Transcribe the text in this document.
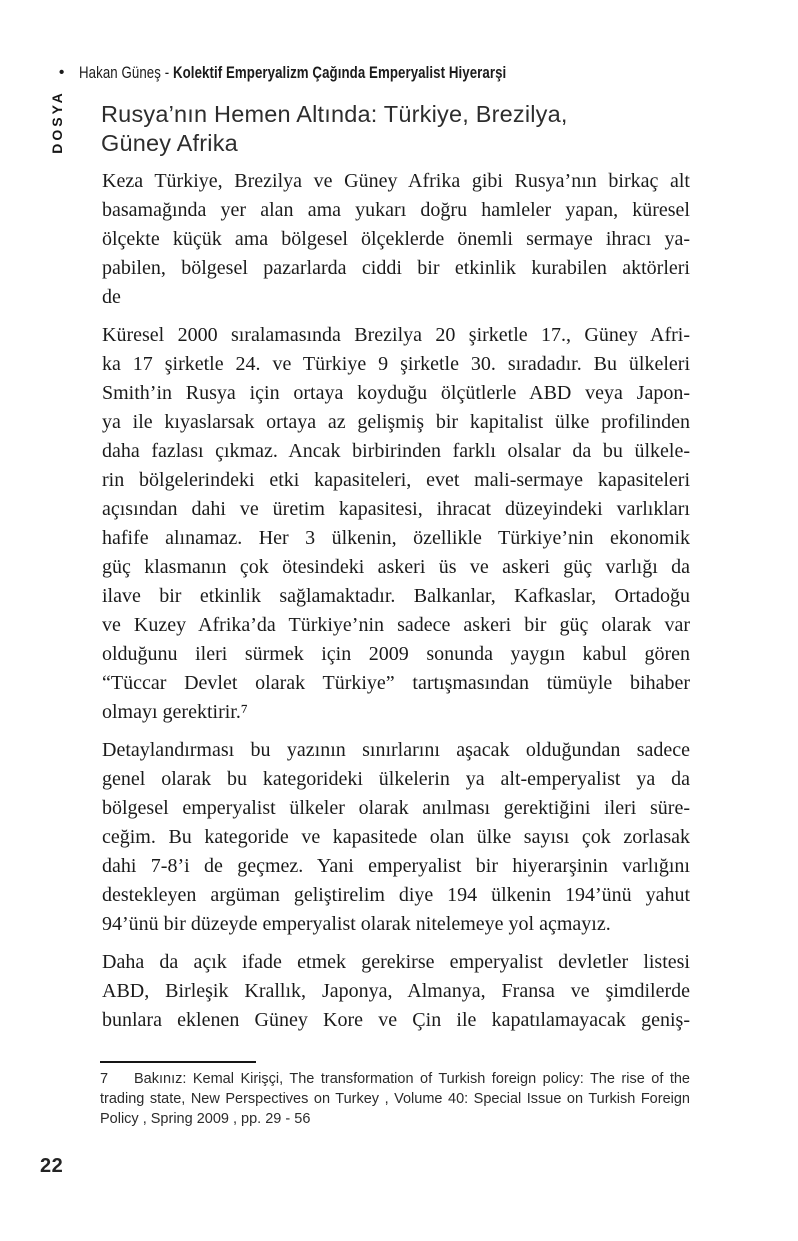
• Hakan Güneş - Kolektif Emperyalizm Çağında Emperyalist Hiyerarşi
DOSYA Rusya’nın Hemen Altında: Türkiye, Brezilya,
Güney Afrika
Keza Türkiye, Brezilya ve Güney Afrika gibi Rusya’nın birkaç alt
basamağında yer alan ama yukarı doğru hamleler yapan, küresel
ölçekte küçük ama bölgesel ölçeklerde önemli sermaye ihracı ya-
pabilen, bölgesel pazarlarda ciddi bir etkinlik kurabilen aktörleri
de
Küresel 2000 sıralamasında Brezilya 20 şirketle 17., Güney Afri-
ka 17 şirketle 24. ve Türkiye 9 şirketle 30. sıradadır. Bu ülkeleri
Smith’in Rusya için ortaya koyduğu ölçütlerle ABD veya Japon-
ya ile kıyaslarsak ortaya az gelişmiş bir kapitalist ülke profilinden
daha fazlası çıkmaz. Ancak birbirinden farklı olsalar da bu ülkele-
rin bölgelerindeki etki kapasiteleri, evet mali-sermaye kapasiteleri
açısından dahi ve üretim kapasitesi, ihracat düzeyindeki varlıkları
hafife alınamaz. Her 3 ülkenin, özellikle Türkiye’nin ekonomik
güç klasmanın çok ötesindeki askeri üs ve askeri güç varlığı da
ilave bir etkinlik sağlamaktadır. Balkanlar, Kafkaslar, Ortadoğu
ve Kuzey Afrika’da Türkiye’nin sadece askeri bir güç olarak var
olduğunu ileri sürmek için 2009 sonunda yaygın kabul gören
“Tüccar Devlet olarak Türkiye” tartışmasından tümüyle bihaber
olmayı gerektirir.⁷
Detaylandırması bu yazının sınırlarını aşacak olduğundan sadece
genel olarak bu kategorideki ülkelerin ya alt-emperyalist ya da
bölgesel emperyalist ülkeler olarak anılması gerektiğini ileri süre-
ceğim. Bu kategoride ve kapasitede olan ülke sayısı çok zorlasak
dahi 7-8’i de geçmez. Yani emperyalist bir hiyerarşinin varlığını
destekleyen argüman geliştirelim diye 194 ülkenin 194’ünü yahut
94’ünü bir düzeyde emperyalist olarak nitelemeye yol açmayız.
Daha da açık ifade etmek gerekirse emperyalist devletler listesi
ABD, Birleşik Krallık, Japonya, Almanya, Fransa ve şimdilerde
bunlara eklenen Güney Kore ve Çin ile kapatılamayacak geniş-
7    Bakınız: Kemal Kirişçi, The transformation of Turkish foreign policy: The rise of the
trading state, New Perspectives on Turkey , Volume 40: Special Issue on Turkish Foreign
Policy , Spring 2009 , pp. 29 - 56
22
